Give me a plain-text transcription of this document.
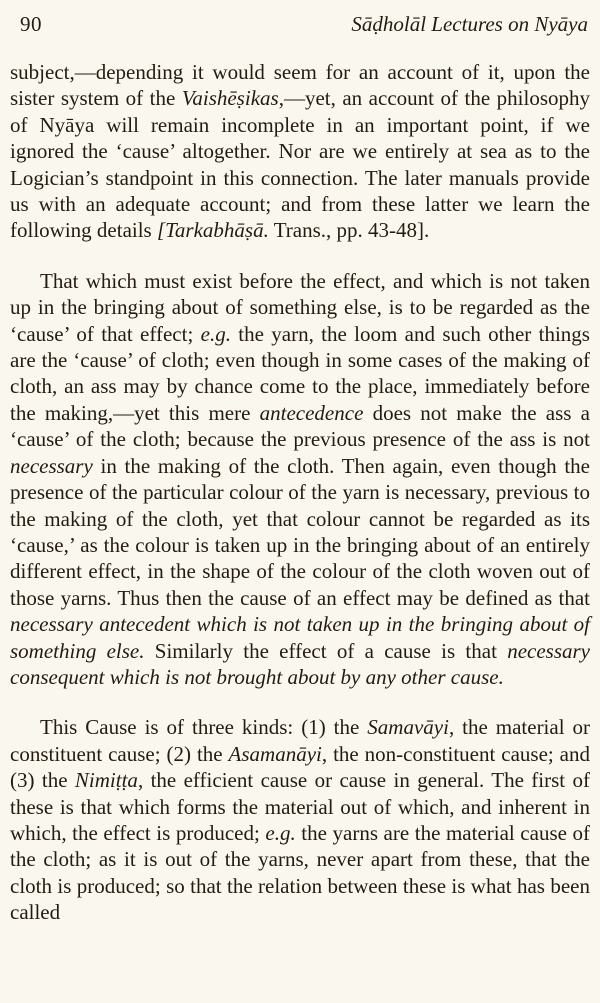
90	Sāḍholāl Lectures on Nyāya

subject,—depending it would seem for an account of it, upon the sister system of the Vaishēṣikas,—yet, an account of the philosophy of Nyāya will remain incomplete in an important point, if we ignored the ‘cause’ altogether. Nor are we entirely at sea as to the Logician’s standpoint in this connection. The later manuals provide us with an adequate account; and from these latter we learn the following details [Tarkabhāṣā. Trans., pp. 43-48].

That which must exist before the effect, and which is not taken up in the bringing about of something else, is to be regarded as the ‘cause’ of that effect; e.g. the yarn, the loom and such other things are the ‘cause’ of cloth; even though in some cases of the making of cloth, an ass may by chance come to the place, immediately before the making,—yet this mere antecedence does not make the ass a ‘cause’ of the cloth; because the previous presence of the ass is not necessary in the making of the cloth. Then again, even though the presence of the particular colour of the yarn is necessary, previous to the making of the cloth, yet that colour cannot be regarded as its ‘cause,’ as the colour is taken up in the bringing about of an entirely different effect, in the shape of the colour of the cloth woven out of those yarns. Thus then the cause of an effect may be defined as that necessary antecedent which is not taken up in the bringing about of something else. Similarly the effect of a cause is that necessary consequent which is not brought about by any other cause.

This Cause is of three kinds: (1) the Samavāyi, the material or constituent cause; (2) the Asamanāyi, the non-constituent cause; and (3) the Nimiṭṭa, the efficient cause or cause in general. The first of these is that which forms the material out of which, and inherent in which, the effect is produced; e.g. the yarns are the material cause of the cloth; as it is out of the yarns, never apart from these, that the cloth is produced; so that the relation between these is what has been called
